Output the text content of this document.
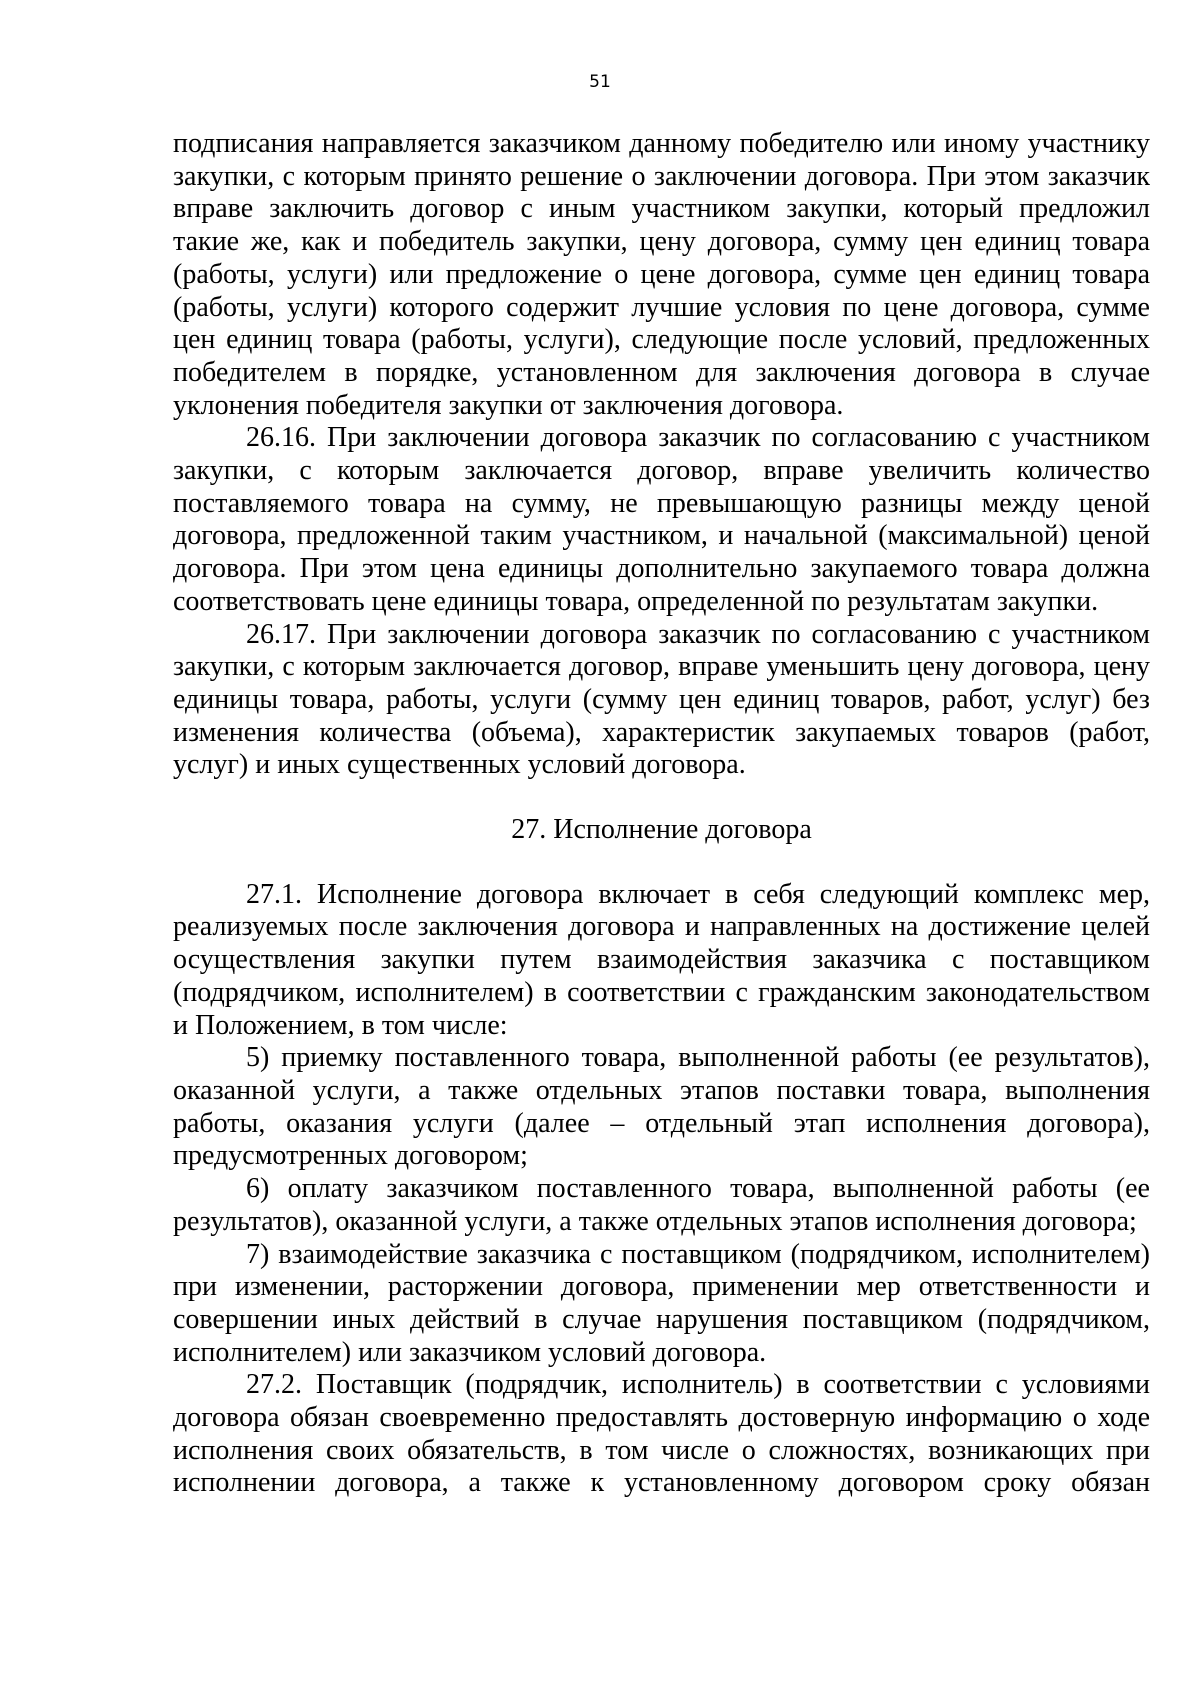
51

подписания направляется заказчиком данному победителю или иному участнику закупки, с которым принято решение о заключении договора. При этом заказчик вправе заключить договор с иным участником закупки, который предложил такие же, как и победитель закупки, цену договора, сумму цен единиц товара (работы, услуги) или предложение о цене договора, сумме цен единиц товара (работы, услуги) которого содержит лучшие условия по цене договора, сумме цен единиц товара (работы, услуги), следующие после условий, предложенных победителем в порядке, установленном для заключения договора в случае уклонения победителя закупки от заключения договора.

26.16. При заключении договора заказчик по согласованию с участником закупки, с которым заключается договор, вправе увеличить количество поставляемого товара на сумму, не превышающую разницы между ценой договора, предложенной таким участником, и начальной (максимальной) ценой договора. При этом цена единицы дополнительно закупаемого товара должна соответствовать цене единицы товара, определенной по результатам закупки.

26.17. При заключении договора заказчик по согласованию с участником закупки, с которым заключается договор, вправе уменьшить цену договора, цену единицы товара, работы, услуги (сумму цен единиц товаров, работ, услуг) без изменения количества (объема), характеристик закупаемых товаров (работ, услуг) и иных существенных условий договора.

27. Исполнение договора

27.1. Исполнение договора включает в себя следующий комплекс мер, реализуемых после заключения договора и направленных на достижение целей осуществления закупки путем взаимодействия заказчика с поставщиком (подрядчиком, исполнителем) в соответствии с гражданским законодательством и Положением, в том числе:

5) приемку поставленного товара, выполненной работы (ее результатов), оказанной услуги, а также отдельных этапов поставки товара, выполнения работы, оказания услуги (далее – отдельный этап исполнения договора), предусмотренных договором;

6) оплату заказчиком поставленного товара, выполненной работы (ее результатов), оказанной услуги, а также отдельных этапов исполнения договора;

7) взаимодействие заказчика с поставщиком (подрядчиком, исполнителем) при изменении, расторжении договора, применении мер ответственности и совершении иных действий в случае нарушения поставщиком (подрядчиком, исполнителем) или заказчиком условий договора.

27.2. Поставщик (подрядчик, исполнитель) в соответствии с условиями договора обязан своевременно предоставлять достоверную информацию о ходе исполнения своих обязательств, в том числе о сложностях, возникающих при исполнении договора, а также к установленному договором сроку обязан
